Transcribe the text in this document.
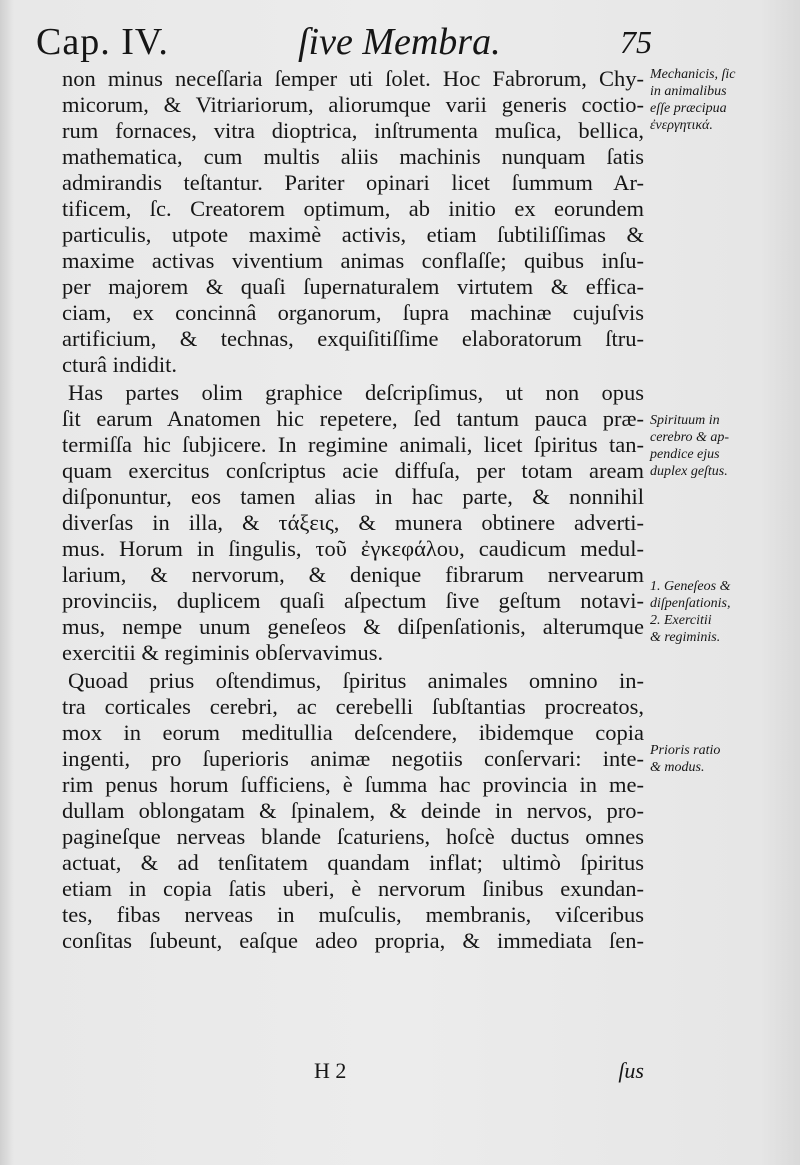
Cap. IV.	ſive Membra.	75
non minus neceſſaria ſemper uti ſolet. Hoc Fabrorum, Chy-
micorum, & Vitriariorum, aliorumque varii generis coctio-
rum fornaces, vitra dioptrica, inſtrumenta muſica, bellica,
mathematica, cum multis aliis machinis nunquam ſatis
admirandis teſtantur. Pariter opinari licet ſummum Ar-
tificem, ſc. Creatorem optimum, ab initio ex eorundem
particulis, utpote maximè activis, etiam ſubtiliſſimas &
maxime activas viventium animas conflaſſe; quibus inſu-
per majorem & quaſi ſupernaturalem virtutem & effica-
ciam, ex concinnâ organorum, ſupra machinæ cujuſvis
artificium, & technas, exquiſitiſſime elaboratorum ſtru-
cturâ indidit.
Has partes olim graphice deſcripſimus, ut non opus
ſit earum Anatomen hic repetere, ſed tantum pauca præ-
termiſſa hic ſubjicere. In regimine animali, licet ſpiritus tan-
quam exercitus conſcriptus acie diffuſa, per totam aream
diſponuntur, eos tamen alias in hac parte, & nonnihil
diverſas in illa, & τάξεις, & munera obtinere adverti-
mus. Horum in ſingulis, τοῦ ἐγκεφάλου, caudicum medul-
larium, & nervorum, & denique fibrarum nervearum
provinciis, duplicem quaſi aſpectum ſive geſtum notavi-
mus, nempe unum geneſeos & diſpenſationis, alterumque
exercitii & regiminis obſervavimus.
Quoad prius oſtendimus, ſpiritus animales omnino in-
tra corticales cerebri, ac cerebelli ſubſtantias procreatos,
mox in eorum meditullia deſcendere, ibidemque copia
ingenti, pro ſuperioris animæ negotiis conſervari: inte-
rim penus horum ſufficiens, è ſumma hac provincia in me-
dullam oblongatam & ſpinalem, & deinde in nervos, pro-
pagineſque nerveas blande ſcaturiens, hoſcè ductus omnes
actuat, & ad tenſitatem quandam inflat; ultimò ſpiritus
etiam in copia ſatis uberi, è nervorum ſinibus exundan-
tes, fibas nerveas in muſculis, membranis, viſceribus
conſitas ſubeunt, eaſque adeo propria, & immediata ſen-
Mechanicis, ſic
in animalibus
eſſe præcipua
ἐνεργητικά.
Spirituum in
cerebro & ap-
pendice ejus
duplex geſtus.
1. Geneſeos &
diſpenſationis,
2. Exercitii
& regiminis.
Prioris ratio
& modus.
H 2	ſus
